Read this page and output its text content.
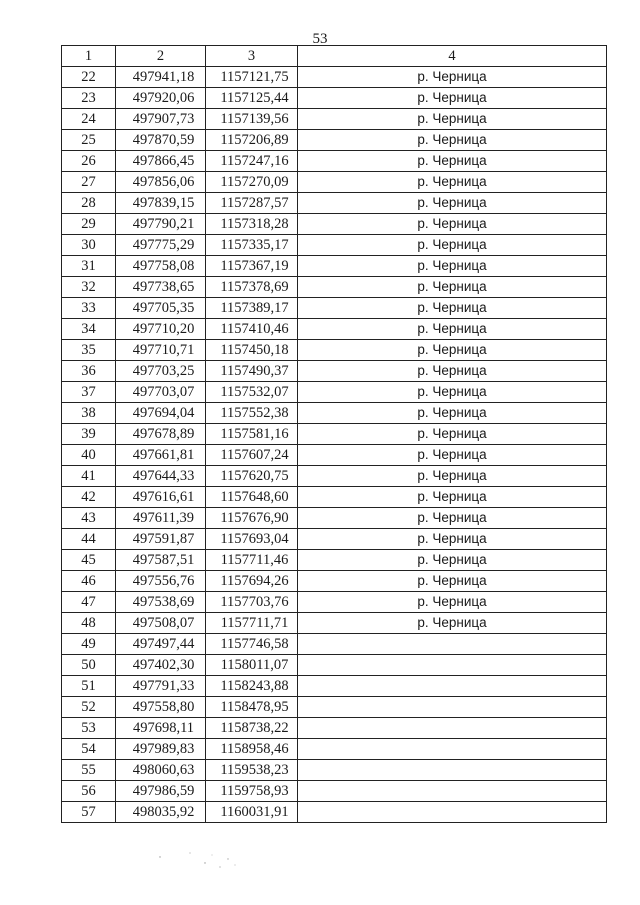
53
1	2	3	4
22	497941,18	1157121,75	р. Черница
23	497920,06	1157125,44	р. Черница
24	497907,73	1157139,56	р. Черница
25	497870,59	1157206,89	р. Черница
26	497866,45	1157247,16	р. Черница
27	497856,06	1157270,09	р. Черница
28	497839,15	1157287,57	р. Черница
29	497790,21	1157318,28	р. Черница
30	497775,29	1157335,17	р. Черница
31	497758,08	1157367,19	р. Черница
32	497738,65	1157378,69	р. Черница
33	497705,35	1157389,17	р. Черница
34	497710,20	1157410,46	р. Черница
35	497710,71	1157450,18	р. Черница
36	497703,25	1157490,37	р. Черница
37	497703,07	1157532,07	р. Черница
38	497694,04	1157552,38	р. Черница
39	497678,89	1157581,16	р. Черница
40	497661,81	1157607,24	р. Черница
41	497644,33	1157620,75	р. Черница
42	497616,61	1157648,60	р. Черница
43	497611,39	1157676,90	р. Черница
44	497591,87	1157693,04	р. Черница
45	497587,51	1157711,46	р. Черница
46	497556,76	1157694,26	р. Черница
47	497538,69	1157703,76	р. Черница
48	497508,07	1157711,71	р. Черница
49	497497,44	1157746,58	
50	497402,30	1158011,07	
51	497791,33	1158243,88	
52	497558,80	1158478,95	
53	497698,11	1158738,22	
54	497989,83	1158958,46	
55	498060,63	1159538,23	
56	497986,59	1159758,93	
57	498035,92	1160031,91	
